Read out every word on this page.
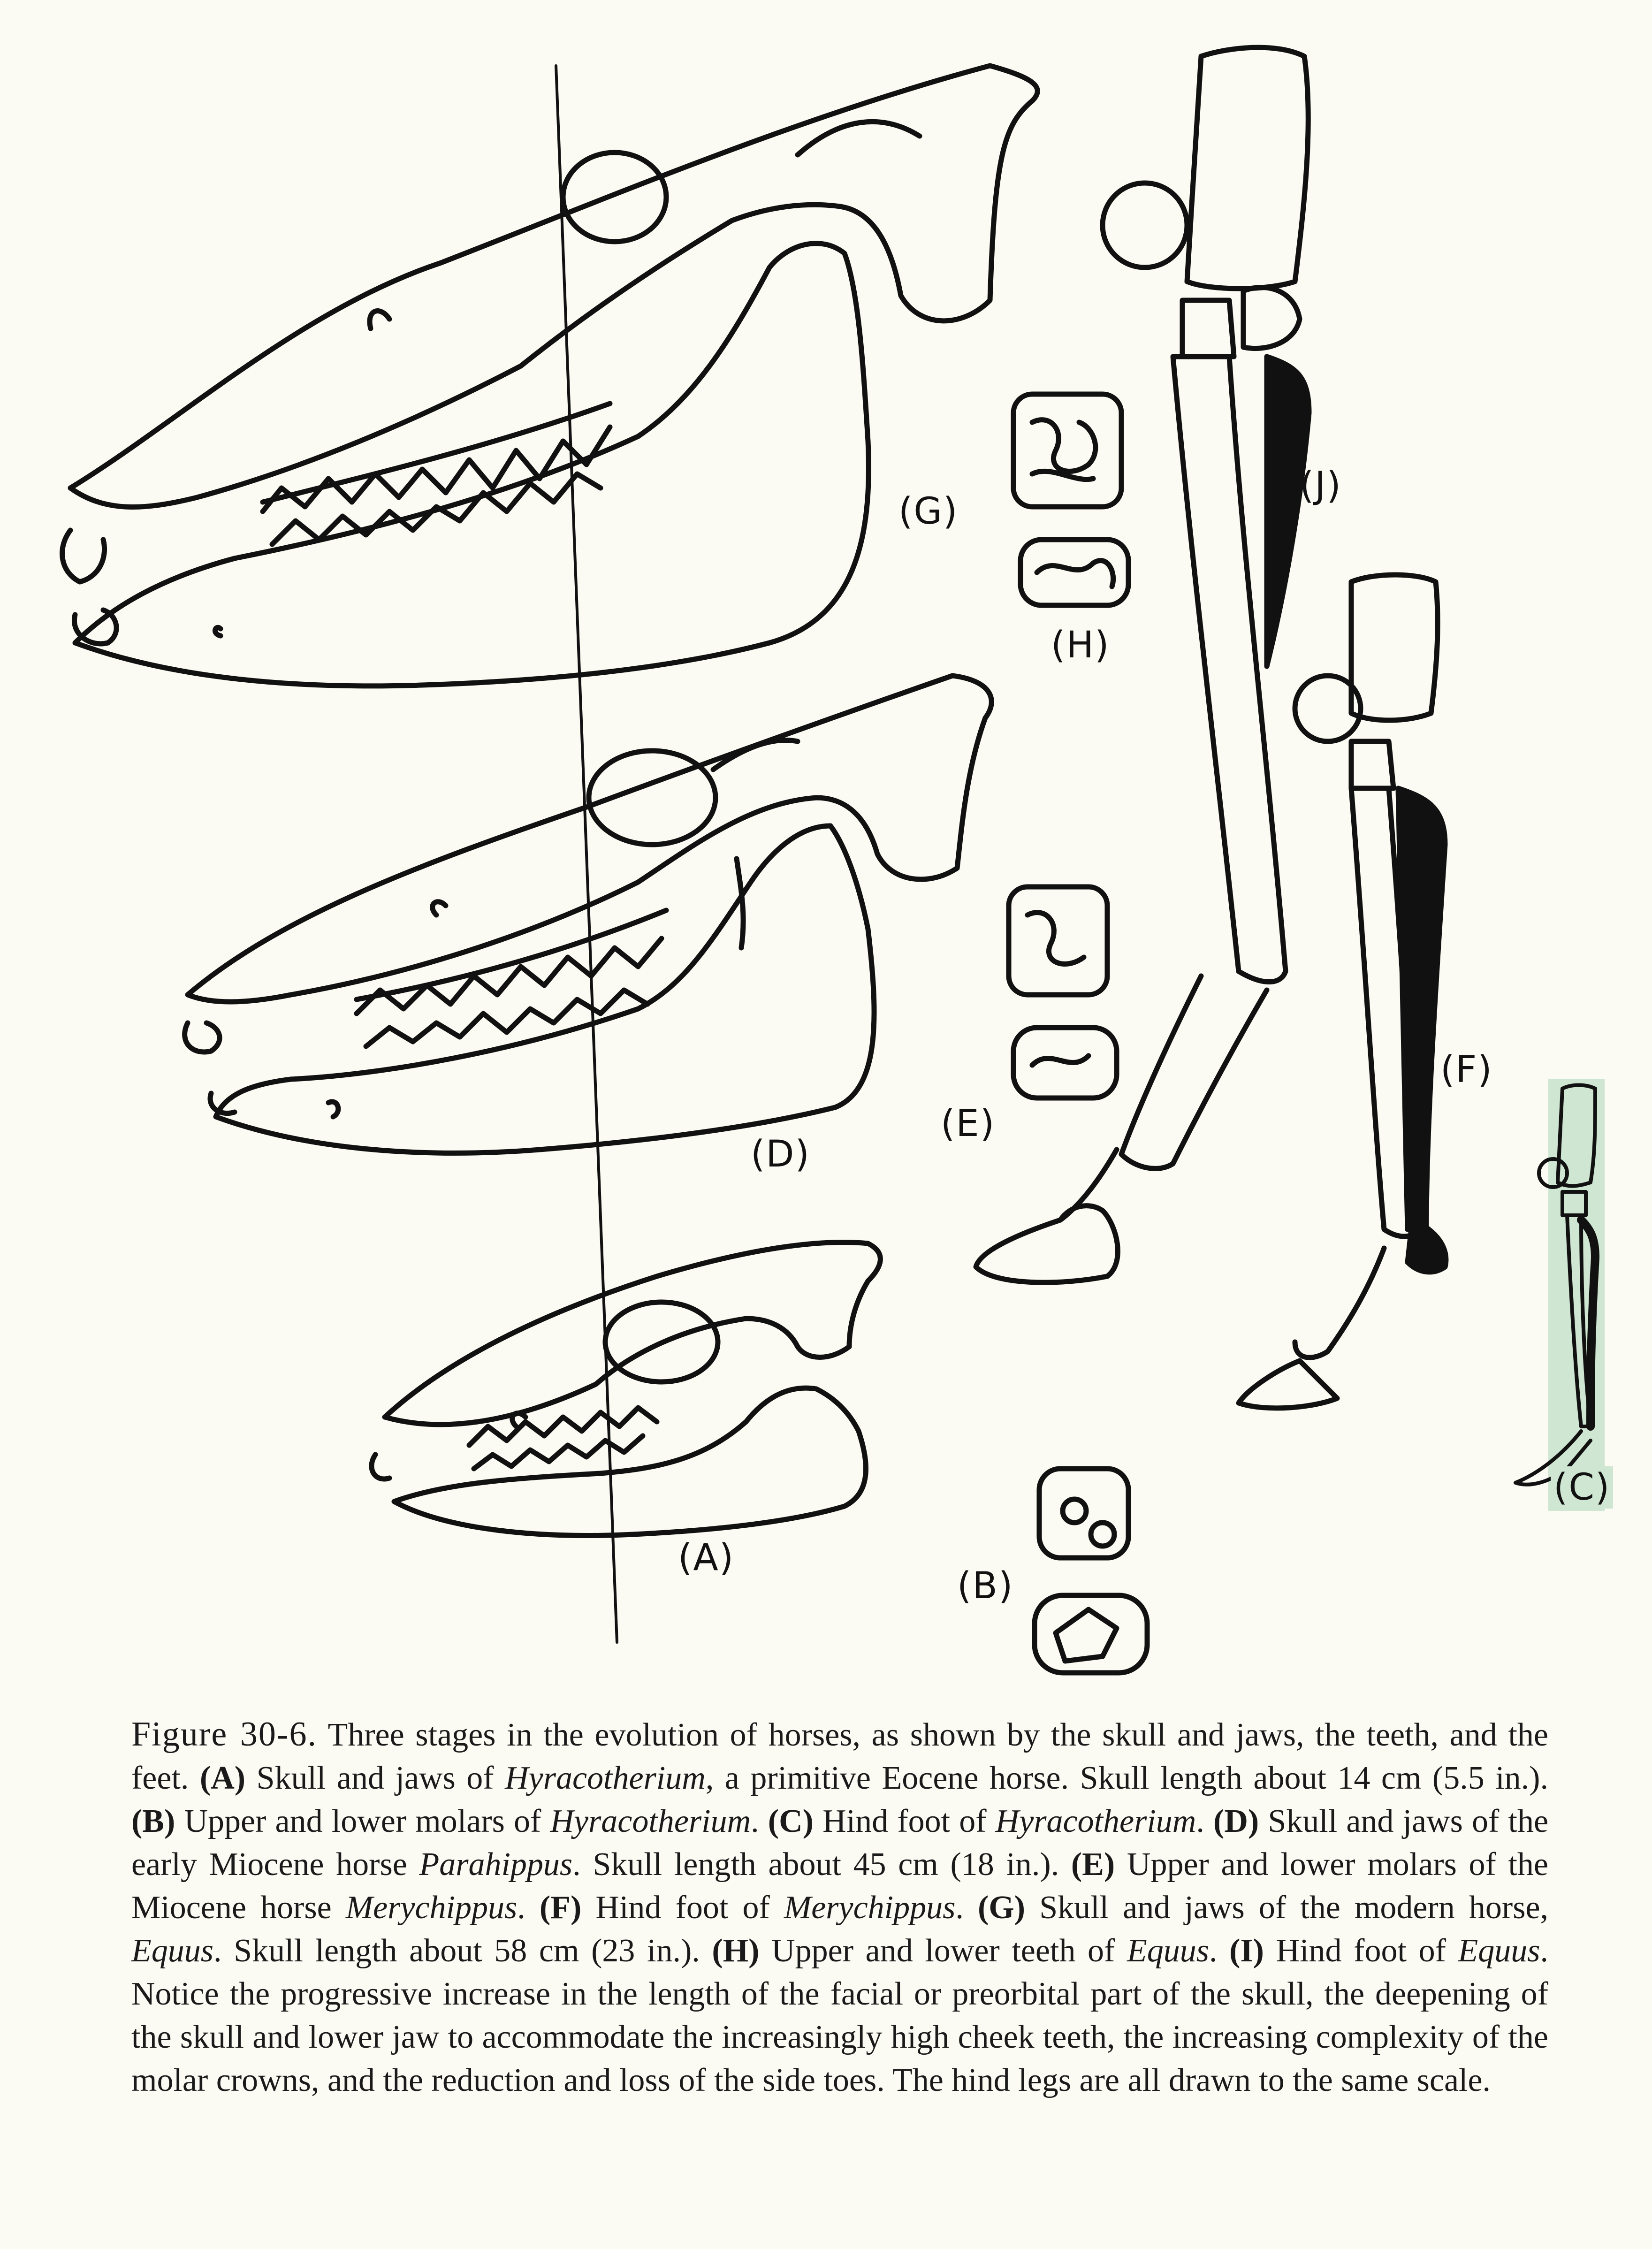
(G)
(H)
(J)
(D)
(E)
(F)
(A)
(B)
(C)
Figure 30-6. Three stages in the evolution of horses, as shown by the skull and jaws, the teeth, and the feet. (A) Skull and jaws of Hyracotherium, a primitive Eocene horse. Skull length about 14 cm (5.5 in.). (B) Upper and lower molars of Hyracotherium. (C) Hind foot of Hyracotherium. (D) Skull and jaws of the early Miocene horse Parahippus. Skull length about 45 cm (18 in.). (E) Upper and lower molars of the Miocene horse Merychippus. (F) Hind foot of Merychippus. (G) Skull and jaws of the modern horse, Equus. Skull length about 58 cm (23 in.). (H) Upper and lower teeth of Equus. (I) Hind foot of Equus. Notice the progressive increase in the length of the facial or preorbital part of the skull, the deepening of the skull and lower jaw to accommodate the increasingly high cheek teeth, the increasing complexity of the molar crowns, and the reduction and loss of the side toes. The hind legs are all drawn to the same scale.
